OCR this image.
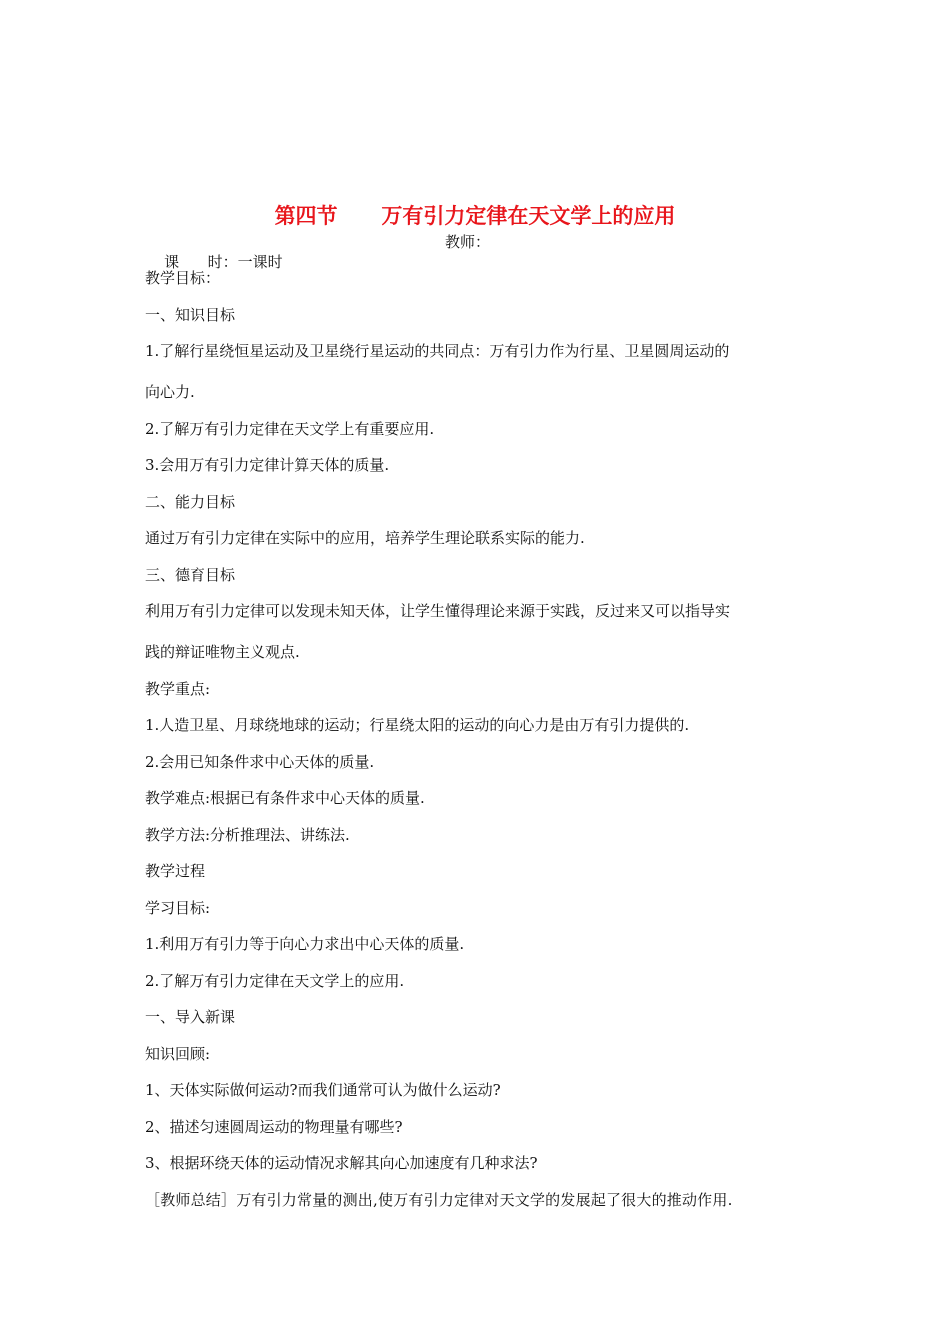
第四节      万有引力定律在天文学上的应用

课      时：一课时

教师：

教学目标：
一、知识目标
1.了解行星绕恒星运动及卫星绕行星运动的共同点：万有引力作为行星、卫星圆周运动的
向心力.
2.了解万有引力定律在天文学上有重要应用.
3.会用万有引力定律计算天体的质量.
二、能力目标
通过万有引力定律在实际中的应用，培养学生理论联系实际的能力.
三、德育目标
利用万有引力定律可以发现未知天体，让学生懂得理论来源于实践，反过来又可以指导实
践的辩证唯物主义观点.
教学重点:
1.人造卫星、月球绕地球的运动；行星绕太阳的运动的向心力是由万有引力提供的.
2.会用已知条件求中心天体的质量.
教学难点:根据已有条件求中心天体的质量.
教学方法:分析推理法、讲练法.
教学过程
学习目标:
1.利用万有引力等于向心力求出中心天体的质量.
2.了解万有引力定律在天文学上的应用.
一、导入新课
知识回顾:
1、天体实际做何运动?而我们通常可认为做什么运动?
2、描述匀速圆周运动的物理量有哪些?
3、根据环绕天体的运动情况求解其向心加速度有几种求法?
［教师总结］万有引力常量的测出,使万有引力定律对天文学的发展起了很大的推动作用.
